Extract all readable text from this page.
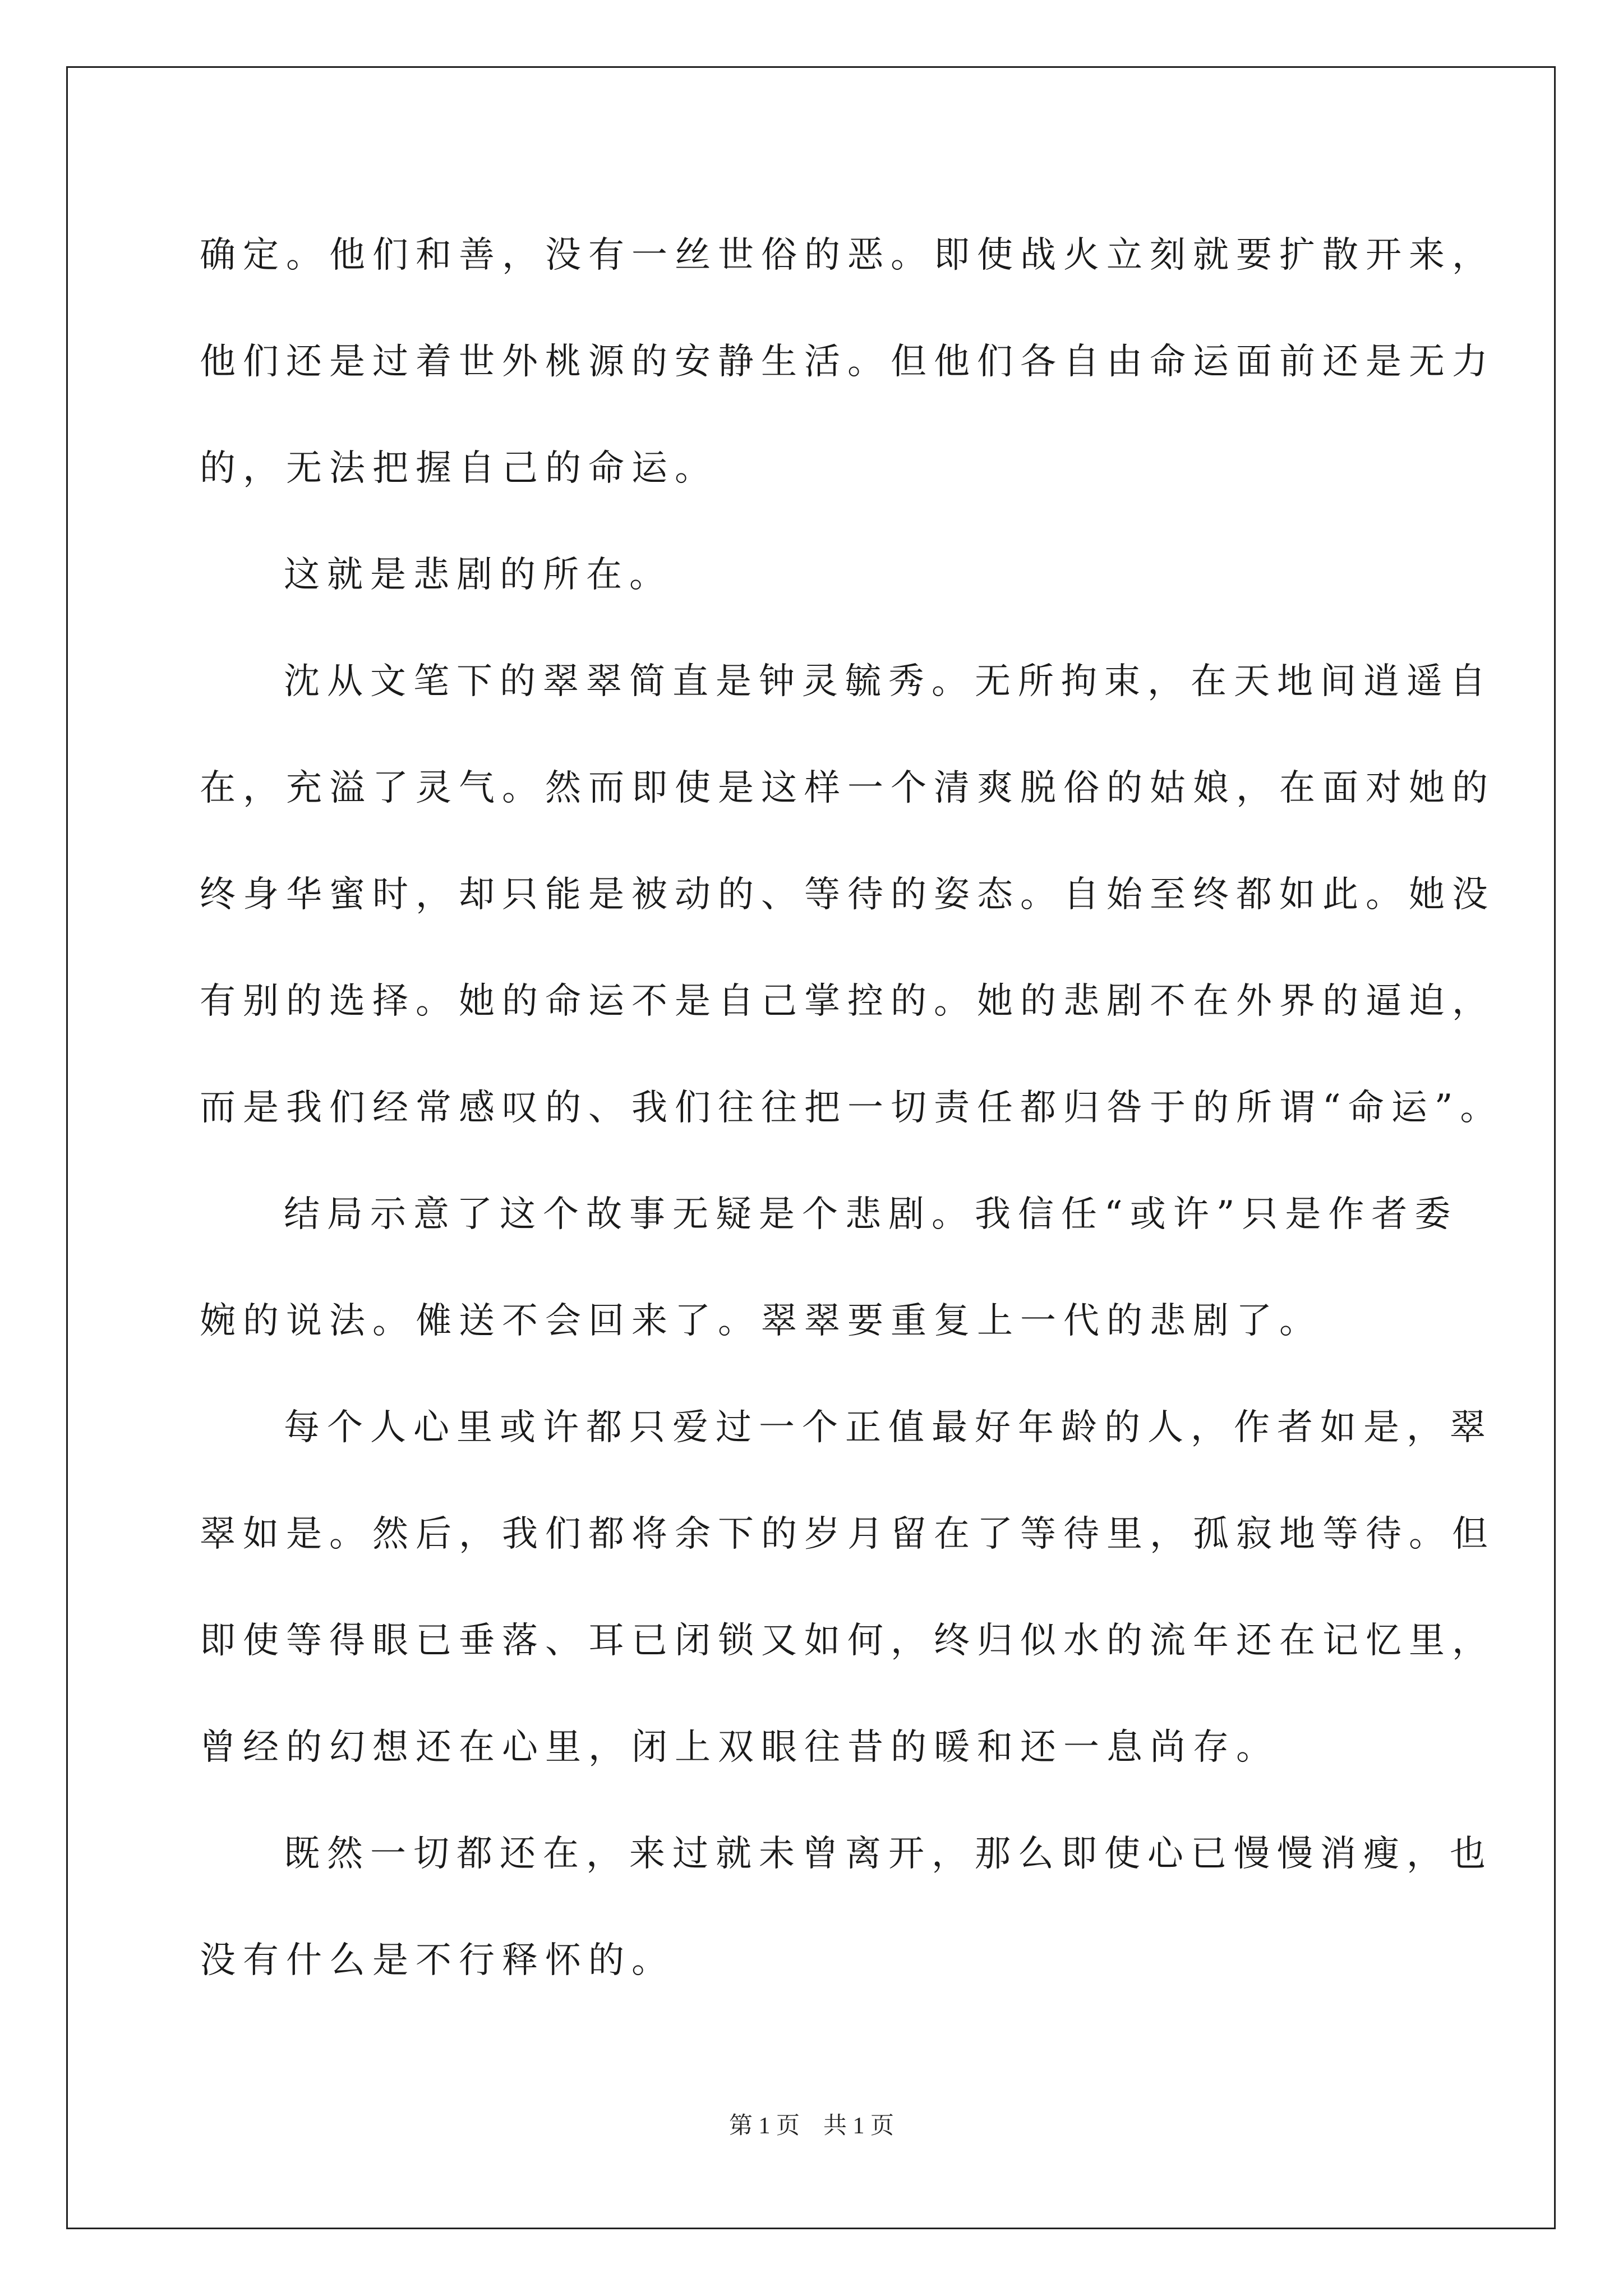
确定。他们和善，没有一丝世俗的恶。即使战火立刻就要扩散开来，
他们还是过着世外桃源的安静生活。但他们各自由命运面前还是无力
的，无法把握自己的命运。
这就是悲剧的所在。
沈从文笔下的翠翠简直是钟灵毓秀。无所拘束，在天地间逍遥自
在，充溢了灵气。然而即使是这样一个清爽脱俗的姑娘，在面对她的
终身华蜜时，却只能是被动的、等待的姿态。自始至终都如此。她没
有别的选择。她的命运不是自己掌控的。她的悲剧不在外界的逼迫，
而是我们经常感叹的、我们往往把一切责任都归咎于的所谓“命运”。
结局示意了这个故事无疑是个悲剧。我信任“或许”只是作者委
婉的说法。傩送不会回来了。翠翠要重复上一代的悲剧了。
每个人心里或许都只爱过一个正值最好年龄的人，作者如是，翠
翠如是。然后，我们都将余下的岁月留在了等待里，孤寂地等待。但
即使等得眼已垂落、耳已闭锁又如何，终归似水的流年还在记忆里，
曾经的幻想还在心里，闭上双眼往昔的暖和还一息尚存。
既然一切都还在，来过就未曾离开，那么即使心已慢慢消瘦，也
没有什么是不行释怀的。
第 1 页　共 1 页
